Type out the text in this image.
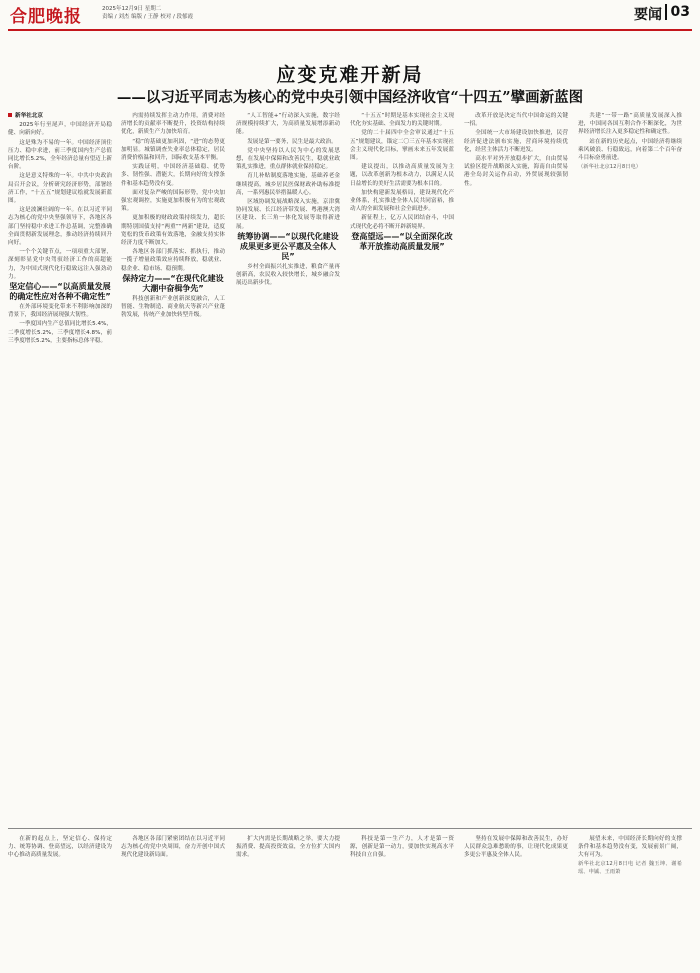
合肥晚报	2025年12月9日 星期二
责编 / 刘杰 编版 / 王静 校对 / 段郁霞	要闻 03
应变克难开新局
——以习近平同志为核心的党中央引领中国经济收官“十四五”擘画新蓝图

新华社北京

2025年行至尾声，中国经济开局稳健、向新向好。

这是殊为不易的一年。中国经济顶住压力、稳中求进，前三季度国内生产总值同比增长5.2%，全年经济总量有望迈上新台阶。

这是意义特殊的一年。中共中央政治局召开会议，分析研究经济形势，部署经济工作，“十五五”规划建议绘就发展新蓝图。

这是波澜壮阔的一年。在以习近平同志为核心的党中央坚强领导下，各地区各部门坚持稳中求进工作总基调，完整准确全面贯彻新发展理念，推动经济持续回升向好。

一个个关键节点，一项项重大部署，深刻彰显党中央驾驭经济工作的高超能力，为中国式现代化行稳致远注入强劲动力。

坚定信心——“以高质量发展的确定性应对各种不确定性”

在外部环境变化带来不利影响加深的背景下，我国经济展现强大韧性。

一季度国内生产总值同比增长5.4%，二季度增长5.2%，三季度增长4.8%，前三季度增长5.2%，主要指标总体平稳。

内需持续发挥主动力作用，消费对经济增长的贡献率不断提升，投资结构持续优化，新质生产力加快培育。

“稳”的基础更加巩固，“进”的态势更加明显。城镇调查失业率总体稳定，居民消费价格温和回升，国际收支基本平衡。

实践证明，中国经济基础稳、优势多、韧性强、潜能大，长期向好的支撑条件和基本趋势没有变。

面对复杂严峻的国际形势，党中央加强宏观调控，实施更加积极有为的宏观政策。

更加积极的财政政策持续发力，超长期特别国债支持“两重”“两新”建设，适度宽松的货币政策有效落地，金融支持实体经济力度不断加大。

各地区各部门抓落实、抓执行，推动一揽子增量政策效应持续释放，稳就业、稳企业、稳市场、稳预期。

保持定力——“在现代化建设大潮中奋楫争先”

科技创新和产业创新深度融合，人工智能、生物制造、商业航天等新兴产业蓬勃发展，传统产业加快转型升级。

“人工智能+”行动深入实施，数字经济规模持续扩大，为高质量发展增添新动能。

发展是第一要务，民生是最大政治。

党中央坚持以人民为中心的发展思想，在发展中保障和改善民生，稳就业政策扎实推进，重点群体就业保持稳定。

育儿补贴制度落地实施，基础养老金继续提高，城乡居民医保财政补助标准提高，一系列惠民举措温暖人心。

区域协调发展战略深入实施，京津冀协同发展、长江经济带发展、粤港澳大湾区建设、长三角一体化发展等取得新进展。

统筹协调——“以现代化建设成果更多更公平惠及全体人民”

乡村全面振兴扎实推进，粮食产量再创新高，农民收入较快增长，城乡融合发展迈出新步伐。

“十五五”时期是基本实现社会主义现代化夯实基础、全面发力的关键时期。

党的二十届四中全会审议通过“十五五”规划建议，锚定二〇三五年基本实现社会主义现代化目标，擘画未来五年发展蓝图。

建议提出，以推动高质量发展为主题，以改革创新为根本动力，以满足人民日益增长的美好生活需要为根本目的。

加快构建新发展格局，建设现代化产业体系，扎实推进全体人民共同富裕，推动人的全面发展和社会全面进步。

新征程上，亿万人民团结奋斗，中国式现代化必将不断开辟新境界。

登高望远——“以全面深化改革开放推动高质量发展”

改革开放是决定当代中国命运的关键一招。

全国统一大市场建设加快推进，民营经济促进法颁布实施，营商环境持续优化，经营主体活力不断迸发。

高水平对外开放稳步扩大，自由贸易试验区提升战略深入实施，海南自由贸易港全岛封关运作启动，外贸展现较强韧性。

共建“一带一路”高质量发展深入推进，中国同各国互利合作不断深化，为世界经济增长注入更多稳定性和确定性。

站在新的历史起点，中国经济将继续乘风破浪、行稳致远，向着第二个百年奋斗目标奋勇前进。

（新华社北京12月8日电）

在新的起点上，坚定信心、保持定力、统筹协调、登高望远，以经济建设为中心推动高质量发展。

各地区各部门紧密团结在以习近平同志为核心的党中央周围，奋力开创中国式现代化建设新局面。

扩大内需是长期战略之举，要大力提振消费、提高投资效益，全方位扩大国内需求。

科技是第一生产力，人才是第一资源，创新是第一动力，要加快实现高水平科技自立自强。

坚持在发展中保障和改善民生，办好人民群众急难愁盼的事，让现代化成果更多更公平惠及全体人民。

展望未来，中国经济长期向好的支撑条件和基本趋势没有变，发展前景广阔，大有可为。

新华社北京12月8日电 记者 魏玉坤、谢希瑶、申铖、王雨萧
